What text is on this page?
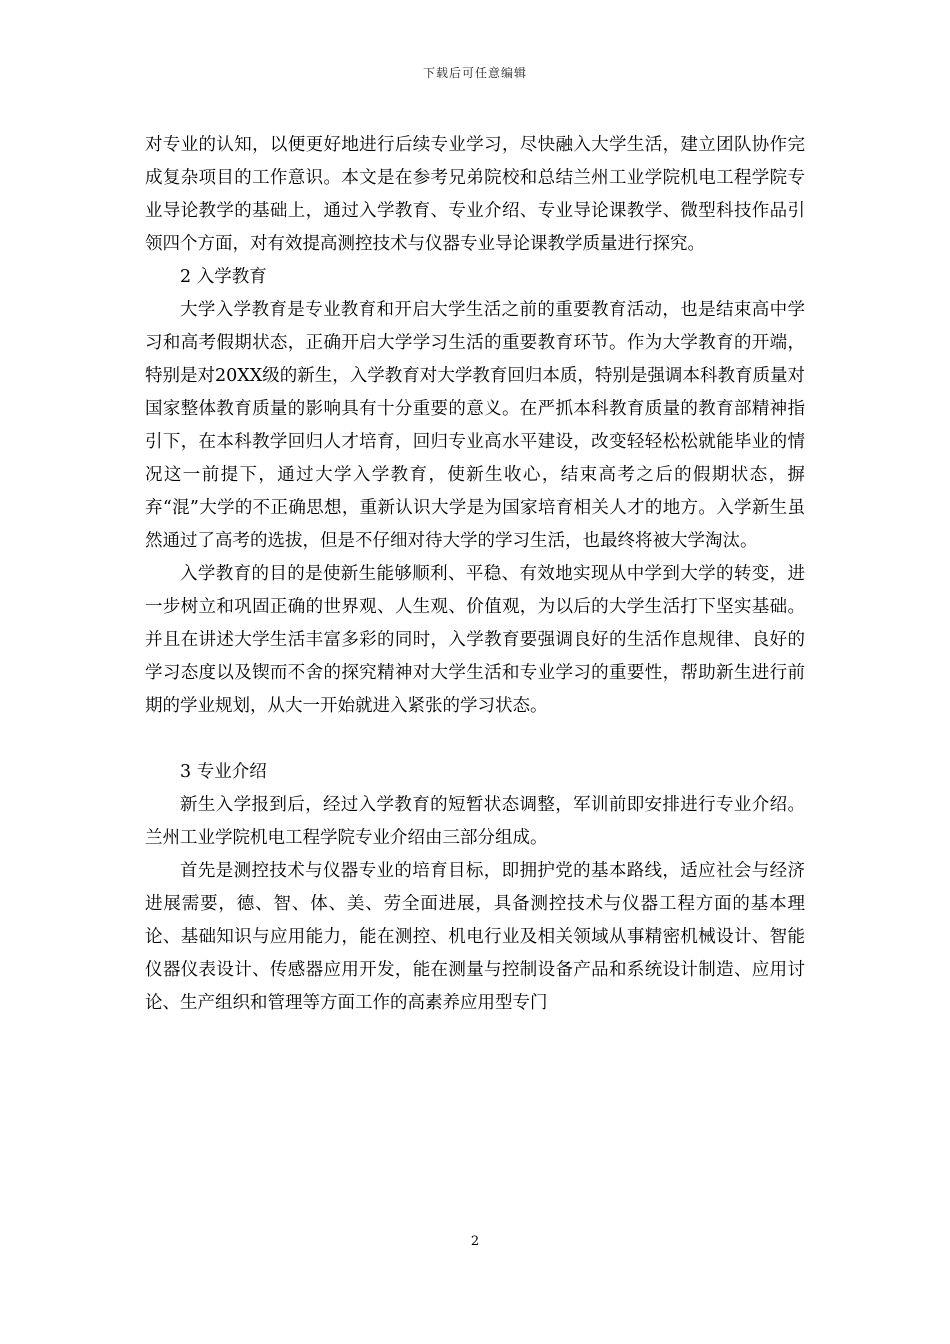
下载后可任意编辑

对专业的认知，以便更好地进行后续专业学习，尽快融入大学生活，建立团队协作完成复杂项目的工作意识。本文是在参考兄弟院校和总结兰州工业学院机电工程学院专业导论教学的基础上，通过入学教育、专业介绍、专业导论课教学、微型科技作品引领四个方面，对有效提高测控技术与仪器专业导论课教学质量进行探究。

2 入学教育

大学入学教育是专业教育和开启大学生活之前的重要教育活动，也是结束高中学习和高考假期状态，正确开启大学学习生活的重要教育环节。作为大学教育的开端，特别是对20XX级的新生，入学教育对大学教育回归本质，特别是强调本科教育质量对国家整体教育质量的影响具有十分重要的意义。在严抓本科教育质量的教育部精神指引下，在本科教学回归人才培育，回归专业高水平建设，改变轻轻松松就能毕业的情况这一前提下，通过大学入学教育，使新生收心，结束高考之后的假期状态，摒弃“混”大学的不正确思想，重新认识大学是为国家培育相关人才的地方。入学新生虽然通过了高考的选拔，但是不仔细对待大学的学习生活，也最终将被大学淘汰。

入学教育的目的是使新生能够顺利、平稳、有效地实现从中学到大学的转变，进一步树立和巩固正确的世界观、人生观、价值观，为以后的大学生活打下坚实基础。并且在讲述大学生活丰富多彩的同时，入学教育要强调良好的生活作息规律、良好的学习态度以及锲而不舍的探究精神对大学生活和专业学习的重要性，帮助新生进行前期的学业规划，从大一开始就进入紧张的学习状态。

3 专业介绍

新生入学报到后，经过入学教育的短暂状态调整，军训前即安排进行专业介绍。兰州工业学院机电工程学院专业介绍由三部分组成。

首先是测控技术与仪器专业的培育目标，即拥护党的基本路线，适应社会与经济进展需要，德、智、体、美、劳全面进展，具备测控技术与仪器工程方面的基本理论、基础知识与应用能力，能在测控、机电行业及相关领域从事精密机械设计、智能仪器仪表设计、传感器应用开发，能在测量与控制设备产品和系统设计制造、应用讨论、生产组织和管理等方面工作的高素养应用型专门

2
